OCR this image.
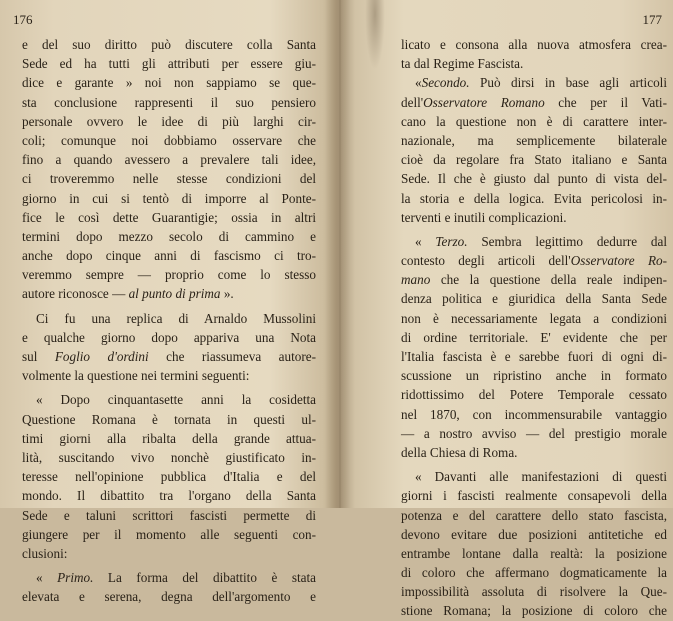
176
e del suo diritto può discutere colla Santa
Sede ed ha tutti gli attributi per essere giu-
dice e garante » noi non sappiamo se que-
sta conclusione rappresenti il suo pensiero
personale ovvero le idee di più larghi cir-
coli; comunque noi dobbiamo osservare che
fino a quando avessero a prevalere tali idee,
ci troveremmo nelle stesse condizioni del
giorno in cui si tentò di imporre al Ponte-
fice le così dette Guarantigie; ossia in altri
termini dopo mezzo secolo di cammino e
anche dopo cinque anni di fascismo ci tro-
veremmo sempre — proprio come lo stesso
autore riconosce — al punto di prima ».
Ci fu una replica di Arnaldo Mussolini
e qualche giorno dopo appariva una Nota
sul Foglio d'ordini che riassumeva autore-
volmente la questione nei termini seguenti:
« Dopo cinquantasette anni la cosidetta
Questione Romana è tornata in questi ul-
timi giorni alla ribalta della grande attua-
lità, suscitando vivo nonchè giustificato in-
teresse nell'opinione pubblica d'Italia e del
mondo. Il dibattito tra l'organo della Santa
Sede e taluni scrittori fascisti permette di
giungere per il momento alle seguenti con-
clusioni:
« Primo. La forma del dibattito è stata
elevata e serena, degna dell'argomento e
177
licato e consona alla nuova atmosfera crea-
ta dal Regime Fascista.
«Secondo. Può dirsi in base agli articoli
dell'Osservatore Romano che per il Vati-
cano la questione non è di carattere inter-
nazionale, ma semplicemente bilaterale
cioè da regolare fra Stato italiano e Santa
Sede. Il che è giusto dal punto di vista del-
la storia e della logica. Evita pericolosi in-
terventi e inutili complicazioni.
« Terzo. Sembra legittimo dedurre dal
contesto degli articoli dell'Osservatore Ro-
mano che la questione della reale indipen-
denza politica e giuridica della Santa Sede
non è necessariamente legata a condizioni
di ordine territoriale. E' evidente che per
l'Italia fascista è e sarebbe fuori di ogni di-
scussione un ripristino anche in formato
ridottissimo del Potere Temporale cessato
nel 1870, con incommensurabile vantaggio
— a nostro avviso — del prestigio morale
della Chiesa di Roma.
« Davanti alle manifestazioni di questi
giorni i fascisti realmente consapevoli della
potenza e del carattere dello stato fascista,
devono evitare due posizioni antitetiche ed
entrambe lontane dalla realtà: la posizione
di coloro che affermano dogmaticamente la
impossibilità assoluta di risolvere la Que-
stione Romana; la posizione di coloro che
